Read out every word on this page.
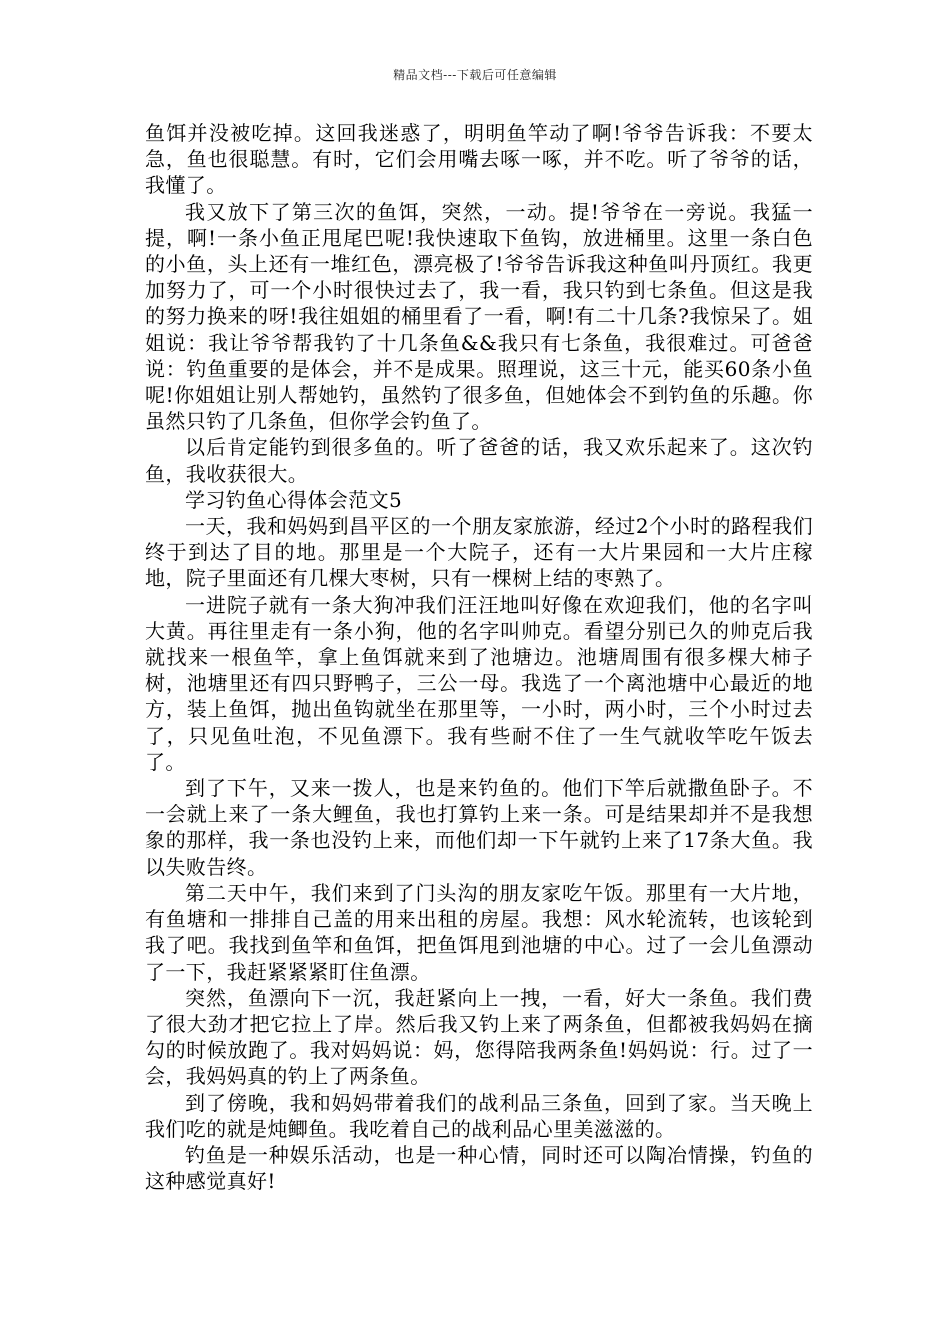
精品文档---下载后可任意编辑

鱼饵并没被吃掉。这回我迷惑了，明明鱼竿动了啊!爷爷告诉我：不要太急，鱼也很聪慧。有时，它们会用嘴去啄一啄，并不吃。听了爷爷的话，我懂了。

我又放下了第三次的鱼饵，突然，一动。提!爷爷在一旁说。我猛一提，啊!一条小鱼正甩尾巴呢!我快速取下鱼钩，放进桶里。这里一条白色的小鱼，头上还有一堆红色，漂亮极了!爷爷告诉我这种鱼叫丹顶红。我更加努力了，可一个小时很快过去了，我一看，我只钓到七条鱼。但这是我的努力换来的呀!我往姐姐的桶里看了一看，啊!有二十几条?我惊呆了。姐姐说：我让爷爷帮我钓了十几条鱼&&我只有七条鱼，我很难过。可爸爸说：钓鱼重要的是体会，并不是成果。照理说，这三十元，能买60条小鱼呢!你姐姐让别人帮她钓，虽然钓了很多鱼，但她体会不到钓鱼的乐趣。你虽然只钓了几条鱼，但你学会钓鱼了。

以后肯定能钓到很多鱼的。听了爸爸的话，我又欢乐起来了。这次钓鱼，我收获很大。

学习钓鱼心得体会范文5

一天，我和妈妈到昌平区的一个朋友家旅游，经过2个小时的路程我们终于到达了目的地。那里是一个大院子，还有一大片果园和一大片庄稼地，院子里面还有几棵大枣树，只有一棵树上结的枣熟了。

一进院子就有一条大狗冲我们汪汪地叫好像在欢迎我们，他的名字叫大黄。再往里走有一条小狗，他的名字叫帅克。看望分别已久的帅克后我就找来一根鱼竿，拿上鱼饵就来到了池塘边。池塘周围有很多棵大柿子树，池塘里还有四只野鸭子，三公一母。我选了一个离池塘中心最近的地方，装上鱼饵，抛出鱼钩就坐在那里等，一小时，两小时，三个小时过去了，只见鱼吐泡，不见鱼漂下。我有些耐不住了一生气就收竿吃午饭去了。

到了下午，又来一拨人，也是来钓鱼的。他们下竿后就撒鱼卧子。不一会就上来了一条大鲤鱼，我也打算钓上来一条。可是结果却并不是我想象的那样，我一条也没钓上来，而他们却一下午就钓上来了17条大鱼。我以失败告终。

第二天中午，我们来到了门头沟的朋友家吃午饭。那里有一大片地，有鱼塘和一排排自己盖的用来出租的房屋。我想：风水轮流转，也该轮到我了吧。我找到鱼竿和鱼饵，把鱼饵甩到池塘的中心。过了一会儿鱼漂动了一下，我赶紧紧紧盯住鱼漂。

突然，鱼漂向下一沉，我赶紧向上一拽，一看，好大一条鱼。我们费了很大劲才把它拉上了岸。然后我又钓上来了两条鱼，但都被我妈妈在摘勾的时候放跑了。我对妈妈说：妈，您得陪我两条鱼!妈妈说：行。过了一会，我妈妈真的钓上了两条鱼。

到了傍晚，我和妈妈带着我们的战利品三条鱼，回到了家。当天晚上我们吃的就是炖鲫鱼。我吃着自己的战利品心里美滋滋的。

钓鱼是一种娱乐活动，也是一种心情，同时还可以陶冶情操，钓鱼的这种感觉真好!
